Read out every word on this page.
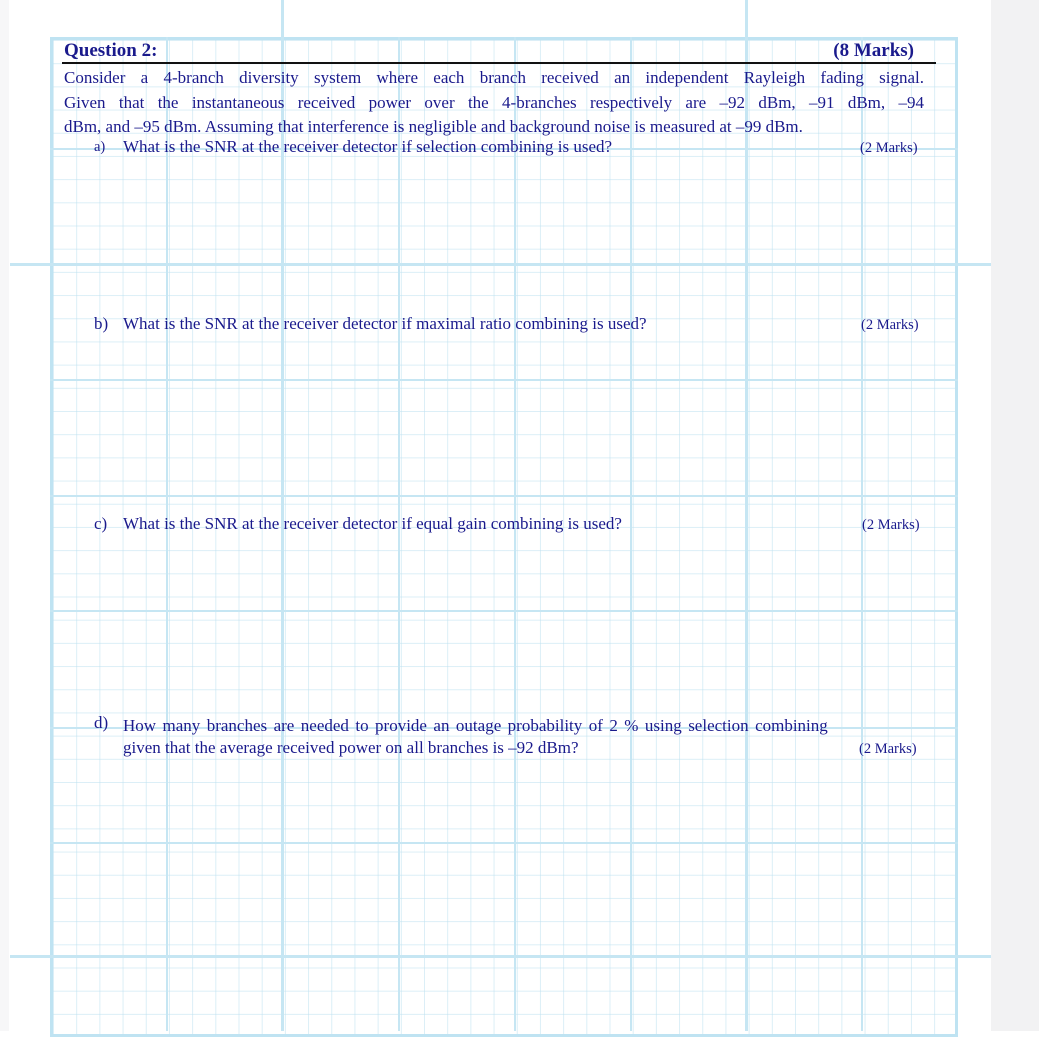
Question 2:	(8 Marks)
Consider a 4-branch diversity system where each branch received an independent Rayleigh fading signal.
Given that the instantaneous received power over the 4-branches respectively are –92 dBm, –91 dBm, –94
dBm, and –95 dBm. Assuming that interference is negligible and background noise is measured at –99 dBm.
a) What is the SNR at the receiver detector if selection combining is used?	(2 Marks)
b) What is the SNR at the receiver detector if maximal ratio combining is used?	(2 Marks)
c) What is the SNR at the receiver detector if equal gain combining is used?	(2 Marks)
d) How many branches are needed to provide an outage probability of 2 % using selection combining
given that the average received power on all branches is –92 dBm?	(2 Marks)
